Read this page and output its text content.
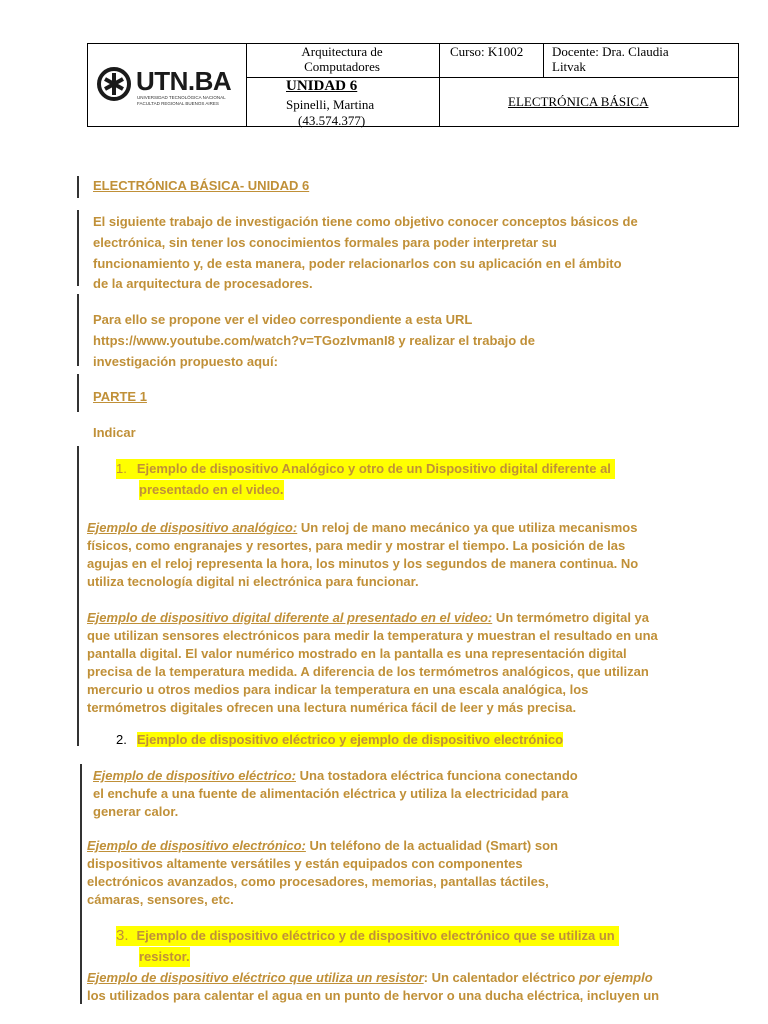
UTN.BA
UNIVERSIDAD TECNOLÓGICA NACIONAL
FACULTAD REGIONAL BUENOS AIRES
Arquitectura de
Computadores
Curso: K1002 Docente: Dra. Claudia
Litvak
UNIDAD 6
Spinelli, Martina
(43.574.377)
ELECTRÓNICA BÁSICA
ELECTRÓNICA BÁSICA- UNIDAD 6
El siguiente trabajo de investigación tiene como objetivo conocer conceptos básicos de
electrónica, sin tener los conocimientos formales para poder interpretar su
funcionamiento y, de esta manera, poder relacionarlos con su aplicación en el ámbito
de la arquitectura de procesadores.
Para ello se propone ver el video correspondiente a esta URL
https://www.youtube.com/watch?v=TGozIvmanI8 y realizar el trabajo de
investigación propuesto aquí:
PARTE 1
Indicar
1. Ejemplo de dispositivo Analógico y otro de un Dispositivo digital diferente al
presentado en el video.
Ejemplo de dispositivo analógico: Un reloj de mano mecánico ya que utiliza mecanismos
físicos, como engranajes y resortes, para medir y mostrar el tiempo. La posición de las
agujas en el reloj representa la hora, los minutos y los segundos de manera continua. No
utiliza tecnología digital ni electrónica para funcionar.
Ejemplo de dispositivo digital diferente al presentado en el video: Un termómetro digital ya
que utilizan sensores electrónicos para medir la temperatura y muestran el resultado en una
pantalla digital. El valor numérico mostrado en la pantalla es una representación digital
precisa de la temperatura medida. A diferencia de los termómetros analógicos, que utilizan
mercurio u otros medios para indicar la temperatura en una escala analógica, los
termómetros digitales ofrecen una lectura numérica fácil de leer y más precisa.
2. Ejemplo de dispositivo eléctrico y ejemplo de dispositivo electrónico
Ejemplo de dispositivo eléctrico: Una tostadora eléctrica funciona conectando
el enchufe a una fuente de alimentación eléctrica y utiliza la electricidad para
generar calor.
Ejemplo de dispositivo electrónico: Un teléfono de la actualidad (Smart) son
dispositivos altamente versátiles y están equipados con componentes
electrónicos avanzados, como procesadores, memorias, pantallas táctiles,
cámaras, sensores, etc.
3. Ejemplo de dispositivo eléctrico y de dispositivo electrónico que se utiliza un
resistor.
Ejemplo de dispositivo eléctrico que utiliza un resistor: Un calentador eléctrico por ejemplo
los utilizados para calentar el agua en un punto de hervor o una ducha eléctrica, incluyen un
